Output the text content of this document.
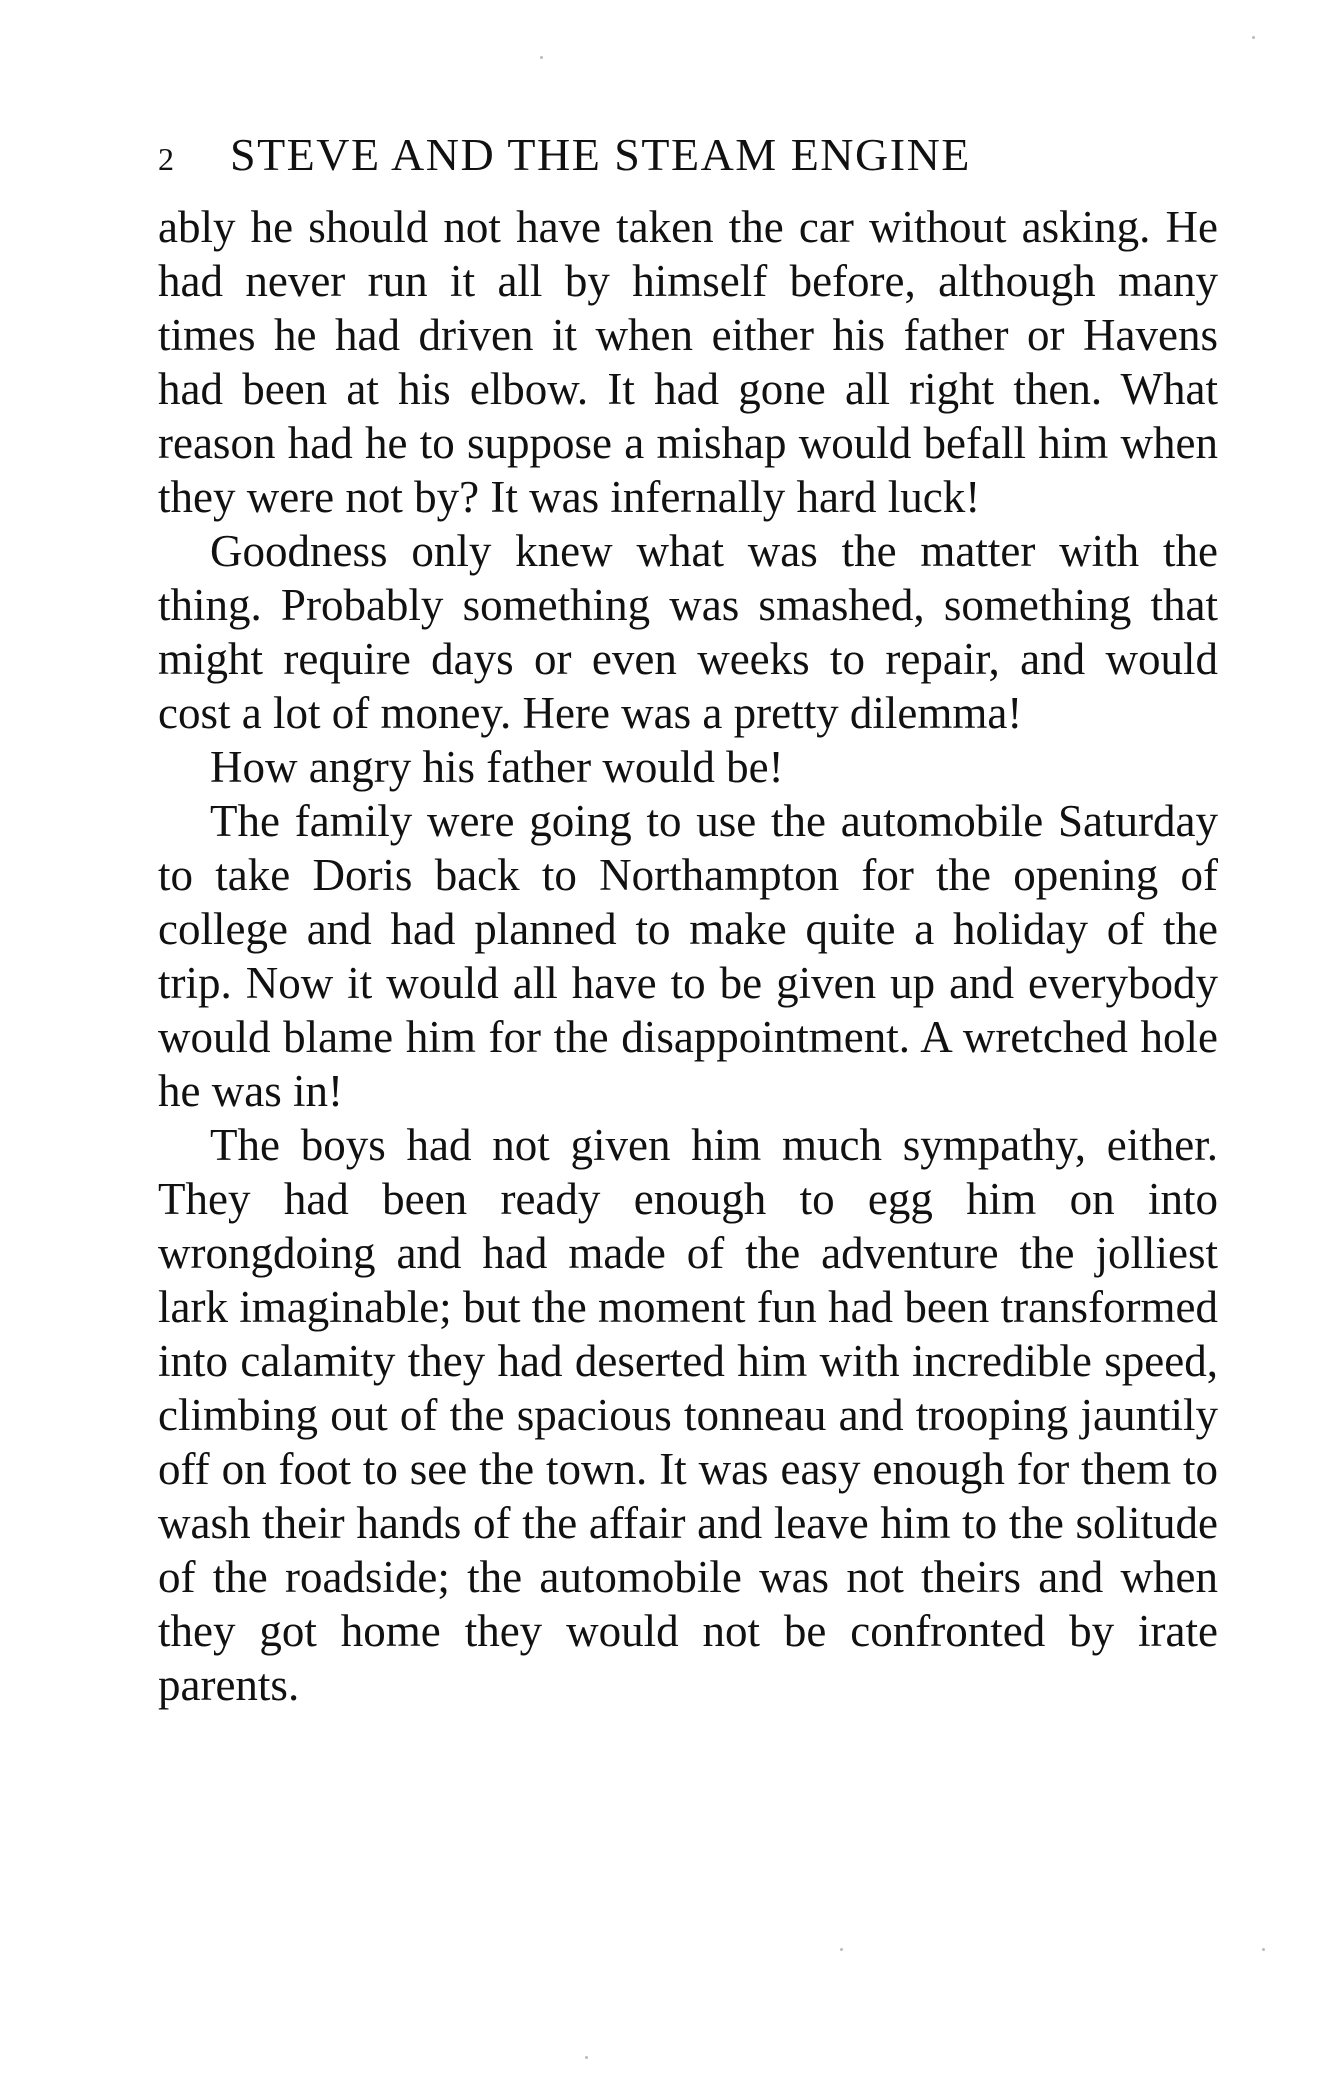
2	STEVE AND THE STEAM ENGINE

ably he should not have taken the car without asking. He had never run it all by himself before, although many times he had driven it when either his father or Havens had been at his elbow. It had gone all right then. What reason had he to suppose a mishap would befall him when they were not by? It was infernally hard luck!

Goodness only knew what was the matter with the thing. Probably something was smashed, something that might require days or even weeks to repair, and would cost a lot of money. Here was a pretty dilemma!

How angry his father would be!

The family were going to use the automobile Saturday to take Doris back to Northampton for the opening of college and had planned to make quite a holiday of the trip. Now it would all have to be given up and everybody would blame him for the disappointment. A wretched hole he was in!

The boys had not given him much sympathy, either. They had been ready enough to egg him on into wrongdoing and had made of the adventure the jolliest lark imaginable; but the moment fun had been transformed into calamity they had deserted him with incredible speed, climbing out of the spacious tonneau and trooping jauntily off on foot to see the town. It was easy enough for them to wash their hands of the affair and leave him to the solitude of the roadside; the automobile was not theirs and when they got home they would not be confronted by irate parents.
